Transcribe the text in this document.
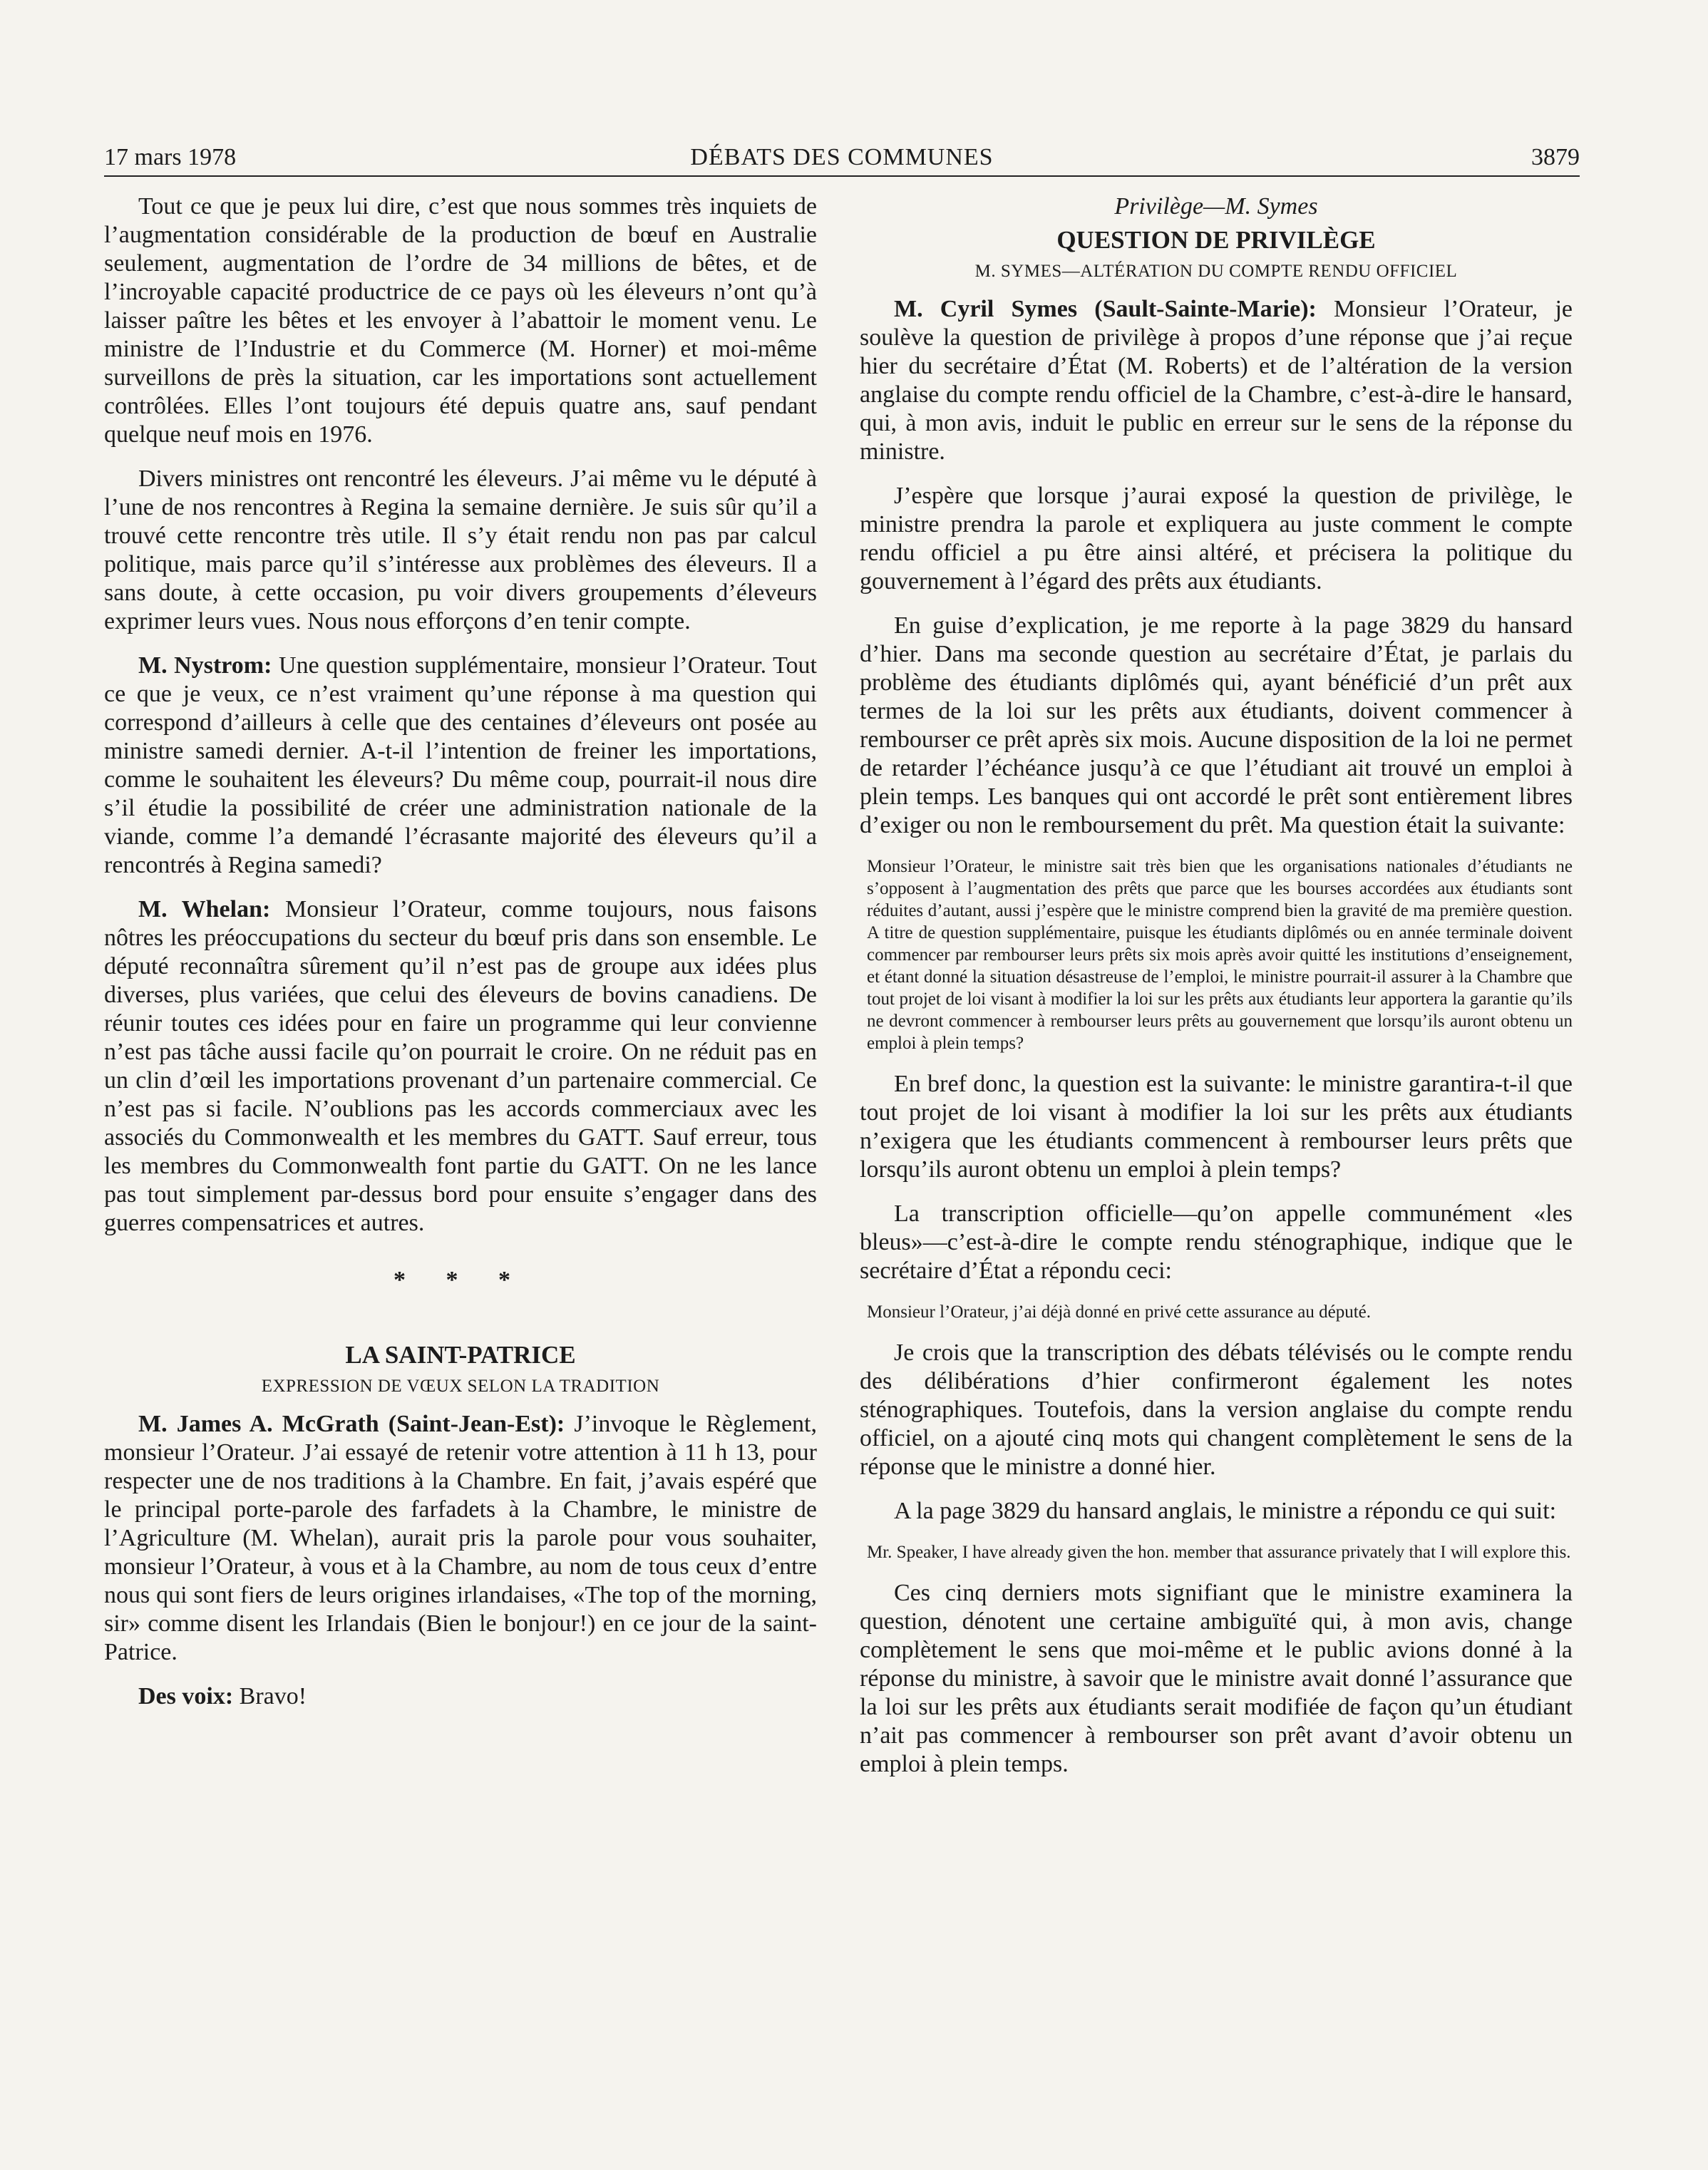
17 mars 1978	DÉBATS DES COMMUNES	3879

Tout ce que je peux lui dire, c’est que nous sommes très inquiets de l’augmentation considérable de la production de bœuf en Australie seulement, augmentation de l’ordre de 34 millions de bêtes, et de l’incroyable capacité productrice de ce pays où les éleveurs n’ont qu’à laisser paître les bêtes et les envoyer à l’abattoir le moment venu. Le ministre de l’Industrie et du Commerce (M. Horner) et moi-même surveillons de près la situation, car les importations sont actuellement contrôlées. Elles l’ont toujours été depuis quatre ans, sauf pendant quelque neuf mois en 1976.

Divers ministres ont rencontré les éleveurs. J’ai même vu le député à l’une de nos rencontres à Regina la semaine dernière. Je suis sûr qu’il a trouvé cette rencontre très utile. Il s’y était rendu non pas par calcul politique, mais parce qu’il s’intéresse aux problèmes des éleveurs. Il a sans doute, à cette occasion, pu voir divers groupements d’éleveurs exprimer leurs vues. Nous nous efforçons d’en tenir compte.

M. Nystrom: Une question supplémentaire, monsieur l’Orateur. Tout ce que je veux, ce n’est vraiment qu’une réponse à ma question qui correspond d’ailleurs à celle que des centaines d’éleveurs ont posée au ministre samedi dernier. A-t-il l’intention de freiner les importations, comme le souhaitent les éleveurs? Du même coup, pourrait-il nous dire s’il étudie la possibilité de créer une administration nationale de la viande, comme l’a demandé l’écrasante majorité des éleveurs qu’il a rencontrés à Regina samedi?

M. Whelan: Monsieur l’Orateur, comme toujours, nous faisons nôtres les préoccupations du secteur du bœuf pris dans son ensemble. Le député reconnaîtra sûrement qu’il n’est pas de groupe aux idées plus diverses, plus variées, que celui des éleveurs de bovins canadiens. De réunir toutes ces idées pour en faire un programme qui leur convienne n’est pas tâche aussi facile qu’on pourrait le croire. On ne réduit pas en un clin d’œil les importations provenant d’un partenaire commercial. Ce n’est pas si facile. N’oublions pas les accords commerciaux avec les associés du Commonwealth et les membres du GATT. Sauf erreur, tous les membres du Commonwealth font partie du GATT. On ne les lance pas tout simplement par-dessus bord pour ensuite s’engager dans des guerres compensatrices et autres.

* * *
LA SAINT-PATRICE
EXPRESSION DE VŒUX SELON LA TRADITION

M. James A. McGrath (Saint-Jean-Est): J’invoque le Règlement, monsieur l’Orateur. J’ai essayé de retenir votre attention à 11 h 13, pour respecter une de nos traditions à la Chambre. En fait, j’avais espéré que le principal porte-parole des farfadets à la Chambre, le ministre de l’Agriculture (M. Whelan), aurait pris la parole pour vous souhaiter, monsieur l’Orateur, à vous et à la Chambre, au nom de tous ceux d’entre nous qui sont fiers de leurs origines irlandaises, «The top of the morning, sir» comme disent les Irlandais (Bien le bonjour!) en ce jour de la saint-Patrice.

Des voix: Bravo!

Privilège—M. Symes
QUESTION DE PRIVILÈGE
M. SYMES—ALTÉRATION DU COMPTE RENDU OFFICIEL

M. Cyril Symes (Sault-Sainte-Marie): Monsieur l’Orateur, je soulève la question de privilège à propos d’une réponse que j’ai reçue hier du secrétaire d’État (M. Roberts) et de l’altération de la version anglaise du compte rendu officiel de la Chambre, c’est-à-dire le hansard, qui, à mon avis, induit le public en erreur sur le sens de la réponse du ministre.

J’espère que lorsque j’aurai exposé la question de privilège, le ministre prendra la parole et expliquera au juste comment le compte rendu officiel a pu être ainsi altéré, et précisera la politique du gouvernement à l’égard des prêts aux étudiants.

En guise d’explication, je me reporte à la page 3829 du hansard d’hier. Dans ma seconde question au secrétaire d’État, je parlais du problème des étudiants diplômés qui, ayant bénéficié d’un prêt aux termes de la loi sur les prêts aux étudiants, doivent commencer à rembourser ce prêt après six mois. Aucune disposition de la loi ne permet de retarder l’échéance jusqu’à ce que l’étudiant ait trouvé un emploi à plein temps. Les banques qui ont accordé le prêt sont entièrement libres d’exiger ou non le remboursement du prêt. Ma question était la suivante:

Monsieur l’Orateur, le ministre sait très bien que les organisations nationales d’étudiants ne s’opposent à l’augmentation des prêts que parce que les bourses accordées aux étudiants sont réduites d’autant, aussi j’espère que le ministre comprend bien la gravité de ma première question. A titre de question supplémentaire, puisque les étudiants diplômés ou en année terminale doivent commencer par rembourser leurs prêts six mois après avoir quitté les institutions d’enseignement, et étant donné la situation désastreuse de l’emploi, le ministre pourrait-il assurer à la Chambre que tout projet de loi visant à modifier la loi sur les prêts aux étudiants leur apportera la garantie qu’ils ne devront commencer à rembourser leurs prêts au gouvernement que lorsqu’ils auront obtenu un emploi à plein temps?

En bref donc, la question est la suivante: le ministre garantira-t-il que tout projet de loi visant à modifier la loi sur les prêts aux étudiants n’exigera que les étudiants commencent à rembourser leurs prêts que lorsqu’ils auront obtenu un emploi à plein temps?

La transcription officielle—qu’on appelle communément «les bleus»—c’est-à-dire le compte rendu sténographique, indique que le secrétaire d’État a répondu ceci:

Monsieur l’Orateur, j’ai déjà donné en privé cette assurance au député.

Je crois que la transcription des débats télévisés ou le compte rendu des délibérations d’hier confirmeront également les notes sténographiques. Toutefois, dans la version anglaise du compte rendu officiel, on a ajouté cinq mots qui changent complètement le sens de la réponse que le ministre a donné hier.

A la page 3829 du hansard anglais, le ministre a répondu ce qui suit:

Mr. Speaker, I have already given the hon. member that assurance privately that I will explore this.

Ces cinq derniers mots signifiant que le ministre examinera la question, dénotent une certaine ambiguïté qui, à mon avis, change complètement le sens que moi-même et le public avions donné à la réponse du ministre, à savoir que le ministre avait donné l’assurance que la loi sur les prêts aux étudiants serait modifiée de façon qu’un étudiant n’ait pas commencer à rembourser son prêt avant d’avoir obtenu un emploi à plein temps.
